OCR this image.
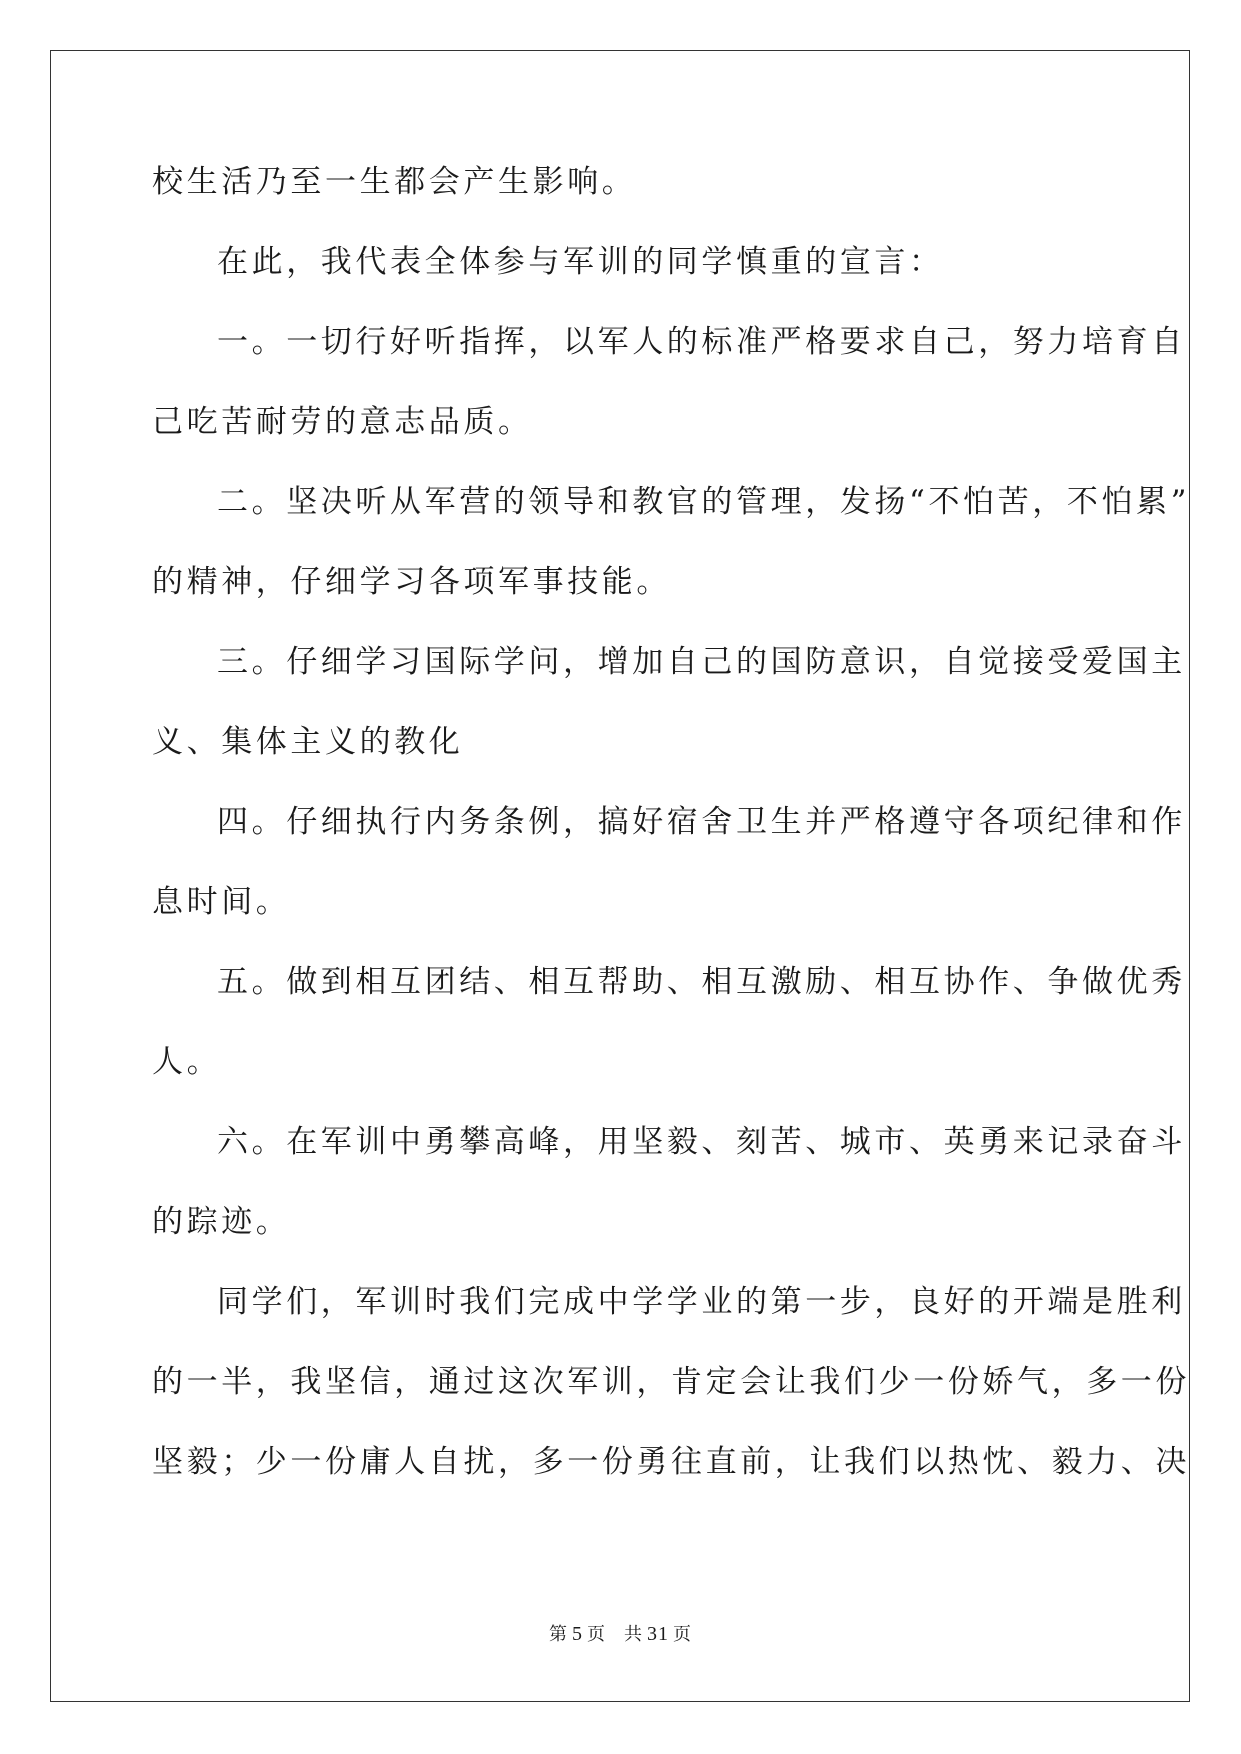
校生活乃至一生都会产生影响。
在此，我代表全体参与军训的同学慎重的宣言：
一。一切行好听指挥，以军人的标准严格要求自己，努力培育自
己吃苦耐劳的意志品质。
二。坚决听从军营的领导和教官的管理，发扬“不怕苦，不怕累”
的精神，仔细学习各项军事技能。
三。仔细学习国际学问，增加自己的国防意识，自觉接受爱国主
义、集体主义的教化
四。仔细执行内务条例，搞好宿舍卫生并严格遵守各项纪律和作
息时间。
五。做到相互团结、相互帮助、相互激励、相互协作、争做优秀
人。
六。在军训中勇攀高峰，用坚毅、刻苦、城市、英勇来记录奋斗
的踪迹。
同学们，军训时我们完成中学学业的第一步，良好的开端是胜利
的一半，我坚信，通过这次军训，肯定会让我们少一份娇气，多一份
坚毅；少一份庸人自扰，多一份勇往直前，让我们以热忱、毅力、决
第 5 页 共 31 页
